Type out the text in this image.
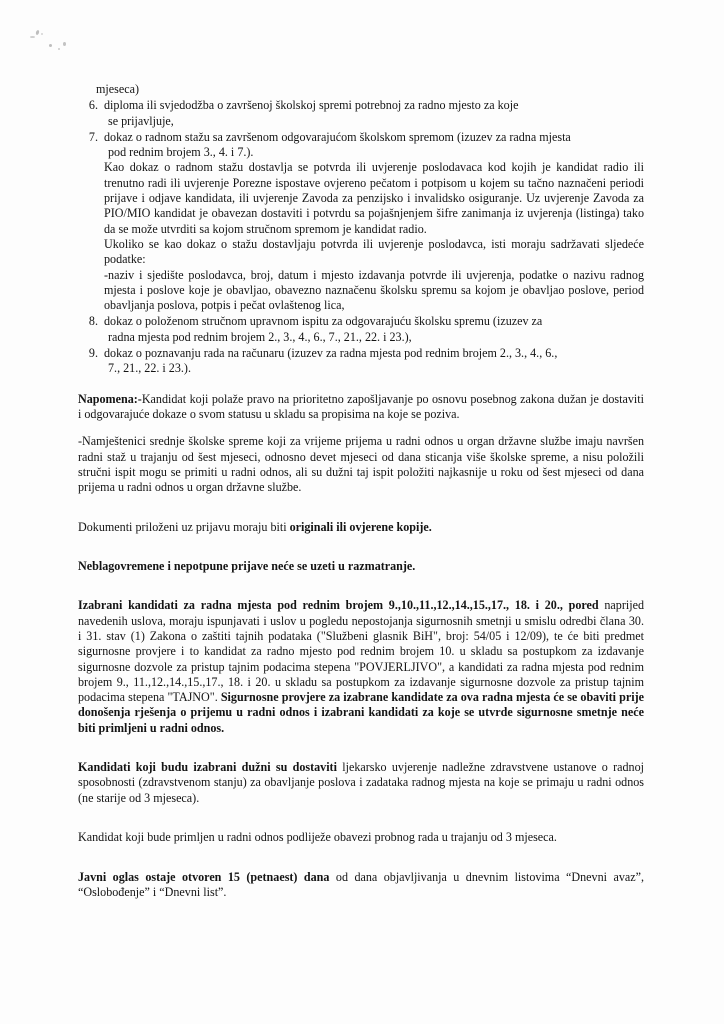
mjeseca)

6. diploma ili svjedodžba o završenoj školskoj spremi potrebnoj za radno mjesto za koje
se prijavljuje,
7. dokaz o radnom stažu sa završenom odgovarajućom školskom spremom (izuzev za radna mjesta
pod rednim brojem 3., 4. i 7.).

Kao dokaz o radnom stažu dostavlja se potvrda ili uvjerenje poslodavaca kod kojih je kandidat radio ili trenutno radi ili uvjerenje Porezne ispostave ovjereno pečatom i potpisom u kojem su tačno naznačeni periodi prijave i odjave kandidata, ili uvjerenje Zavoda za penzijsko i invalidsko osiguranje. Uz uvjerenje Zavoda za PIO/MIO kandidat je obavezan dostaviti i potvrdu sa pojašnjenjem šifre zanimanja iz uvjerenja (listinga) tako da se može utvrditi sa kojom stručnom spremom je kandidat radio.

Ukoliko se kao dokaz o stažu dostavljaju potvrda ili uvjerenje poslodavca, isti moraju sadržavati sljedeće podatke:

-naziv i sjedište poslodavca, broj, datum i mjesto izdavanja potvrde ili uvjerenja, podatke o nazivu radnog mjesta i poslove koje je obavljao, obavezno naznačenu školsku spremu sa kojom je obavljao poslove, period obavljanja poslova, potpis i pečat ovlaštenog lica,

8. dokaz o položenom stručnom upravnom ispitu za odgovarajuću školsku spremu (izuzev za
radna mjesta pod rednim brojem 2., 3., 4., 6., 7., 21., 22. i 23.),
9. dokaz o poznavanju rada na računaru (izuzev za radna mjesta pod rednim brojem 2., 3., 4., 6.,
7., 21., 22. i 23.).

Napomena:-Kandidat koji polaže pravo na prioritetno zapošljavanje po osnovu posebnog zakona dužan je dostaviti i odgovarajuće dokaze o svom statusu u skladu sa propisima na koje se poziva.

-Namještenici srednje školske spreme koji za vrijeme prijema u radni odnos u organ državne službe imaju navršen radni staž u trajanju od šest mjeseci, odnosno devet mjeseci od dana sticanja više školske spreme, a nisu položili stručni ispit mogu se primiti u radni odnos, ali su dužni taj ispit položiti najkasnije u roku od šest mjeseci od dana prijema u radni odnos u organ državne službe.

Dokumenti priloženi uz prijavu moraju biti originali ili ovjerene kopije.

Neblagovremene i nepotpune prijave neće se uzeti u razmatranje.

Izabrani kandidati za radna mjesta pod rednim brojem 9.,10.,11.,12.,14.,15.,17., 18. i 20., pored naprijed navedenih uslova, moraju ispunjavati i uslov u pogledu nepostojanja sigurnosnih smetnji u smislu odredbi člana 30. i 31. stav (1) Zakona o zaštiti tajnih podataka ("Službeni glasnik BiH", broj: 54/05 i 12/09), te će biti predmet sigurnosne provjere i to kandidat za radno mjesto pod rednim brojem 10. u skladu sa postupkom za izdavanje sigurnosne dozvole za pristup tajnim podacima stepena "POVJERLJIVO", a kandidati za radna mjesta pod rednim brojem 9., 11.,12.,14.,15.,17., 18. i 20. u skladu sa postupkom za izdavanje sigurnosne dozvole za pristup tajnim podacima stepena "TAJNO". Sigurnosne provjere za izabrane kandidate za ova radna mjesta će se obaviti prije donošenja rješenja o prijemu u radni odnos i izabrani kandidati za koje se utvrde sigurnosne smetnje neće biti primljeni u radni odnos.

Kandidati koji budu izabrani dužni su dostaviti ljekarsko uvjerenje nadležne zdravstvene ustanove o radnoj sposobnosti (zdravstvenom stanju) za obavljanje poslova i zadataka radnog mjesta na koje se primaju u radni odnos (ne starije od 3 mjeseca).

Kandidat koji bude primljen u radni odnos podliježe obavezi probnog rada u trajanju od 3 mjeseca.

Javni oglas ostaje otvoren 15 (petnaest) dana od dana objavljivanja u dnevnim listovima “Dnevni avaz”, “Oslobođenje” i “Dnevni list”.
